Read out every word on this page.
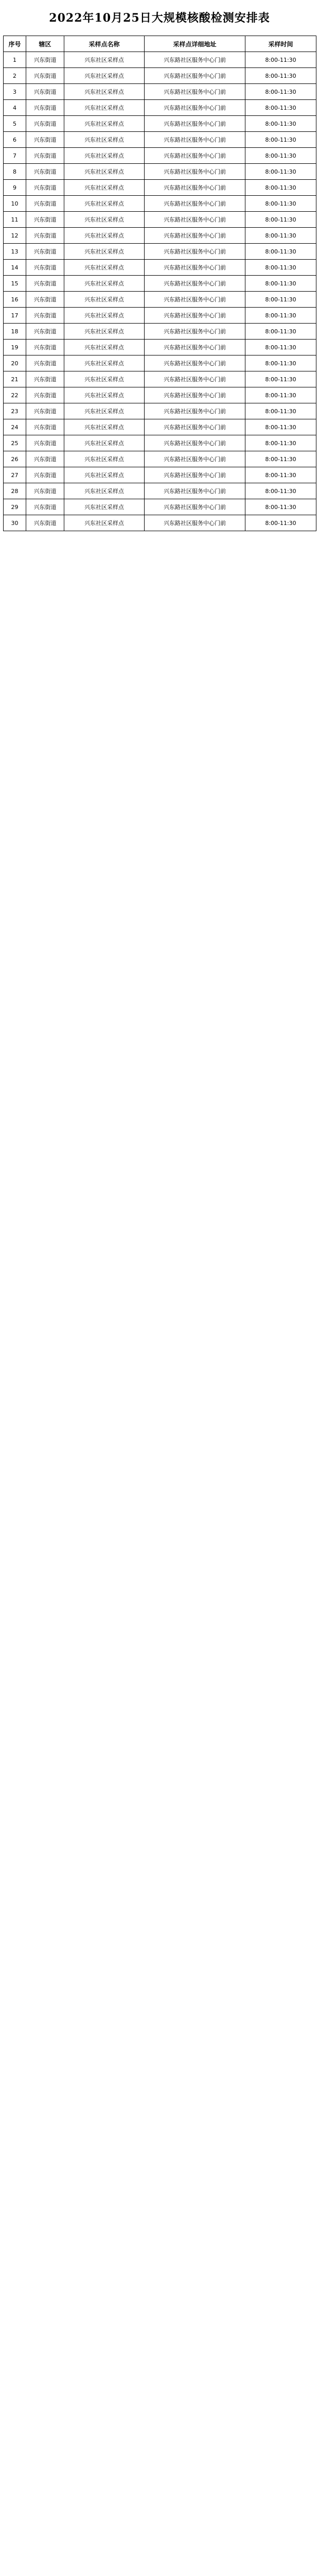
2022年10月25日大规模核酸检测安排表
序号	辖区	采样点名称	采样点详细地址	采样时间
1	兴东街道	兴东社区采样点	兴东路社区服务中心门前	8:00-11:30
2	兴东街道	兴东社区采样点	兴东路社区服务中心门前	8:00-11:30
3	兴东街道	兴东社区采样点	兴东路社区服务中心门前	8:00-11:30
4	兴东街道	兴东社区采样点	兴东路社区服务中心门前	8:00-11:30
5	兴东街道	兴东社区采样点	兴东路社区服务中心门前	8:00-11:30
6	兴东街道	兴东社区采样点	兴东路社区服务中心门前	8:00-11:30
7	兴东街道	兴东社区采样点	兴东路社区服务中心门前	8:00-11:30
8	兴东街道	兴东社区采样点	兴东路社区服务中心门前	8:00-11:30
9	兴东街道	兴东社区采样点	兴东路社区服务中心门前	8:00-11:30
10	兴东街道	兴东社区采样点	兴东路社区服务中心门前	8:00-11:30
11	兴东街道	兴东社区采样点	兴东路社区服务中心门前	8:00-11:30
12	兴东街道	兴东社区采样点	兴东路社区服务中心门前	8:00-11:30
13	兴东街道	兴东社区采样点	兴东路社区服务中心门前	8:00-11:30
14	兴东街道	兴东社区采样点	兴东路社区服务中心门前	8:00-11:30
15	兴东街道	兴东社区采样点	兴东路社区服务中心门前	8:00-11:30
16	兴东街道	兴东社区采样点	兴东路社区服务中心门前	8:00-11:30
17	兴东街道	兴东社区采样点	兴东路社区服务中心门前	8:00-11:30
18	兴东街道	兴东社区采样点	兴东路社区服务中心门前	8:00-11:30
19	兴东街道	兴东社区采样点	兴东路社区服务中心门前	8:00-11:30
20	兴东街道	兴东社区采样点	兴东路社区服务中心门前	8:00-11:30
21	兴东街道	兴东社区采样点	兴东路社区服务中心门前	8:00-11:30
22	兴东街道	兴东社区采样点	兴东路社区服务中心门前	8:00-11:30
23	兴东街道	兴东社区采样点	兴东路社区服务中心门前	8:00-11:30
24	兴东街道	兴东社区采样点	兴东路社区服务中心门前	8:00-11:30
25	兴东街道	兴东社区采样点	兴东路社区服务中心门前	8:00-11:30
26	兴东街道	兴东社区采样点	兴东路社区服务中心门前	8:00-11:30
27	兴东街道	兴东社区采样点	兴东路社区服务中心门前	8:00-11:30
28	兴东街道	兴东社区采样点	兴东路社区服务中心门前	8:00-11:30
29	兴东街道	兴东社区采样点	兴东路社区服务中心门前	8:00-11:30
30	兴东街道	兴东社区采样点	兴东路社区服务中心门前	8:00-11:30
